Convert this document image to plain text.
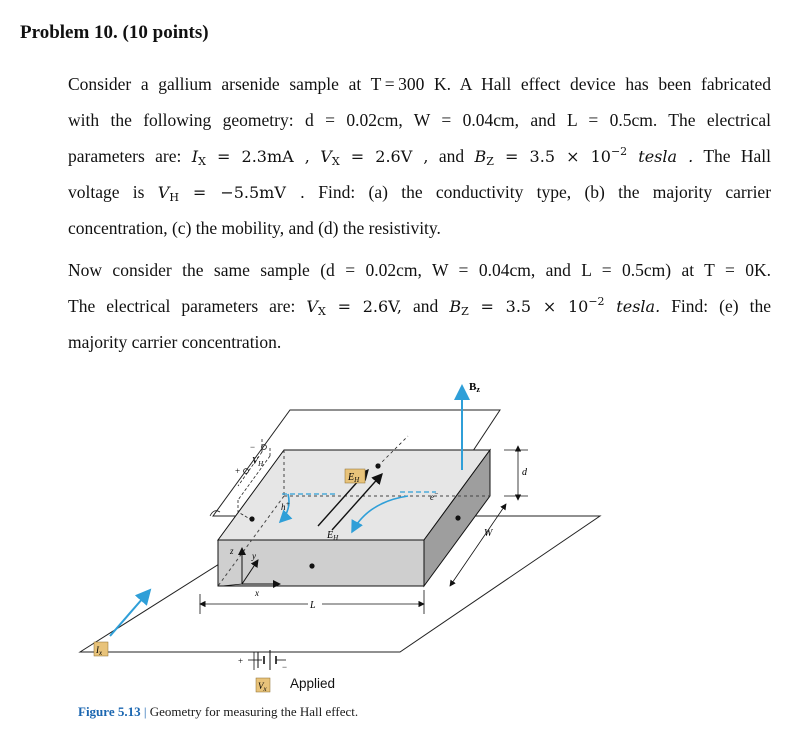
Problem 10. (10 points)
Consider a gallium arsenide sample at T = 300 K. A Hall effect device has been fabricated
with the following geometry: d = 0.02cm, W = 0.04cm, and L = 0.5cm. The electrical
parameters are: $I_X = 2.3mA$ , $V_X = 2.6V$ , and $B_Z = 3.5 \times 10^{-2}$ tesla . The Hall
voltage is $V_H = -5.5mV$ . Find: (a) the conductivity type, (b) the majority carrier
concentration, (c) the mobility, and (d) the resistivity.
Now consider the same sample (d = 0.02cm, W = 0.04cm, and L = 0.5cm) at T = 0K.
The electrical parameters are: $V_X = 2.6V$, and $B_Z = 3.5 \times 10^{-2}$ tesla. Find: (e) the
majority carrier concentration.
Bz
d
W
L
−
+
$V_H$
$E_H$
$E_H$
h+
e−
z y
x
$I_x$
+
−
$V_x$ Applied
Figure 5.13 | Geometry for measuring the Hall effect.
